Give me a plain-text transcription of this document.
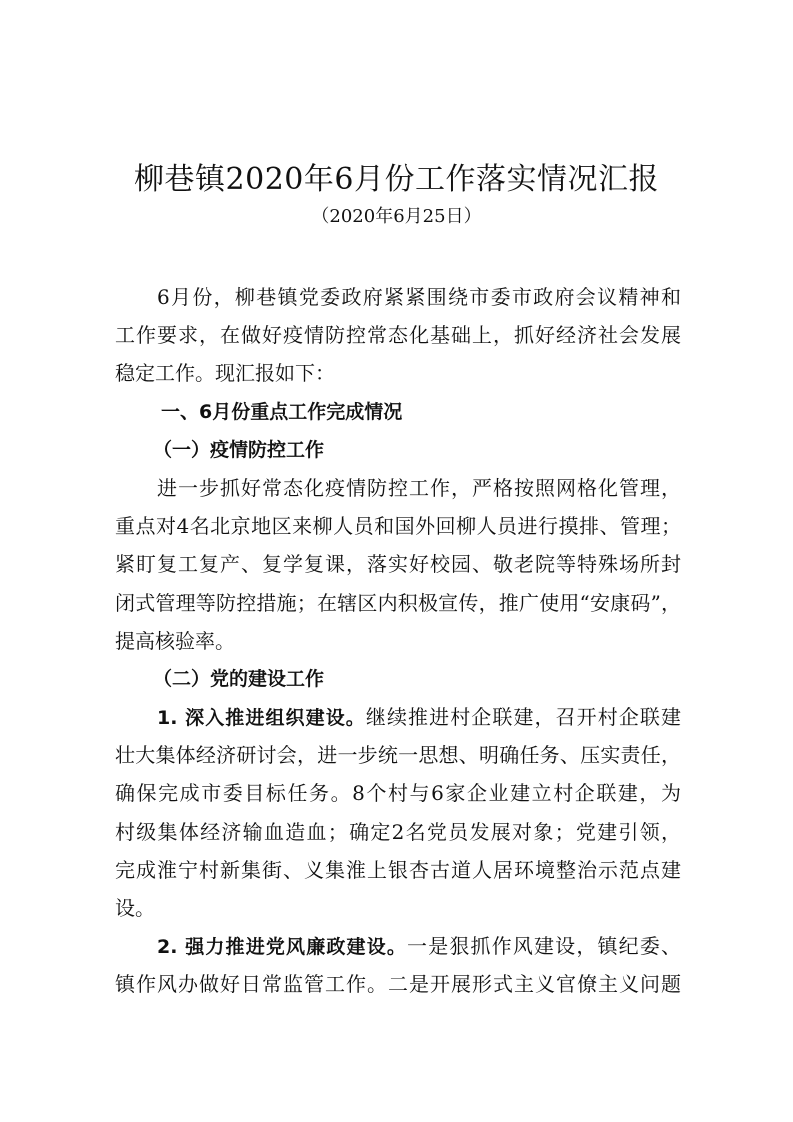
柳巷镇2020年6月份工作落实情况汇报
（2020年6月25日）
6月份，柳巷镇党委政府紧紧围绕市委市政府会议精神和
工作要求，在做好疫情防控常态化基础上，抓好经济社会发展
稳定工作。现汇报如下：
一、6月份重点工作完成情况
（一）疫情防控工作
进一步抓好常态化疫情防控工作，严格按照网格化管理，
重点对4名北京地区来柳人员和国外回柳人员进行摸排、管理；
紧盯复工复产、复学复课，落实好校园、敬老院等特殊场所封
闭式管理等防控措施；在辖区内积极宣传，推广使用“安康码”，
提高核验率。
（二）党的建设工作
1. 深入推进组织建设。继续推进村企联建，召开村企联建
壮大集体经济研讨会，进一步统一思想、明确任务、压实责任，
确保完成市委目标任务。8个村与6家企业建立村企联建，为
村级集体经济输血造血；确定2名党员发展对象；党建引领，
完成淮宁村新集街、义集淮上银杏古道人居环境整治示范点建
设。
2. 强力推进党风廉政建设。一是狠抓作风建设，镇纪委、
镇作风办做好日常监管工作。二是开展形式主义官僚主义问题
